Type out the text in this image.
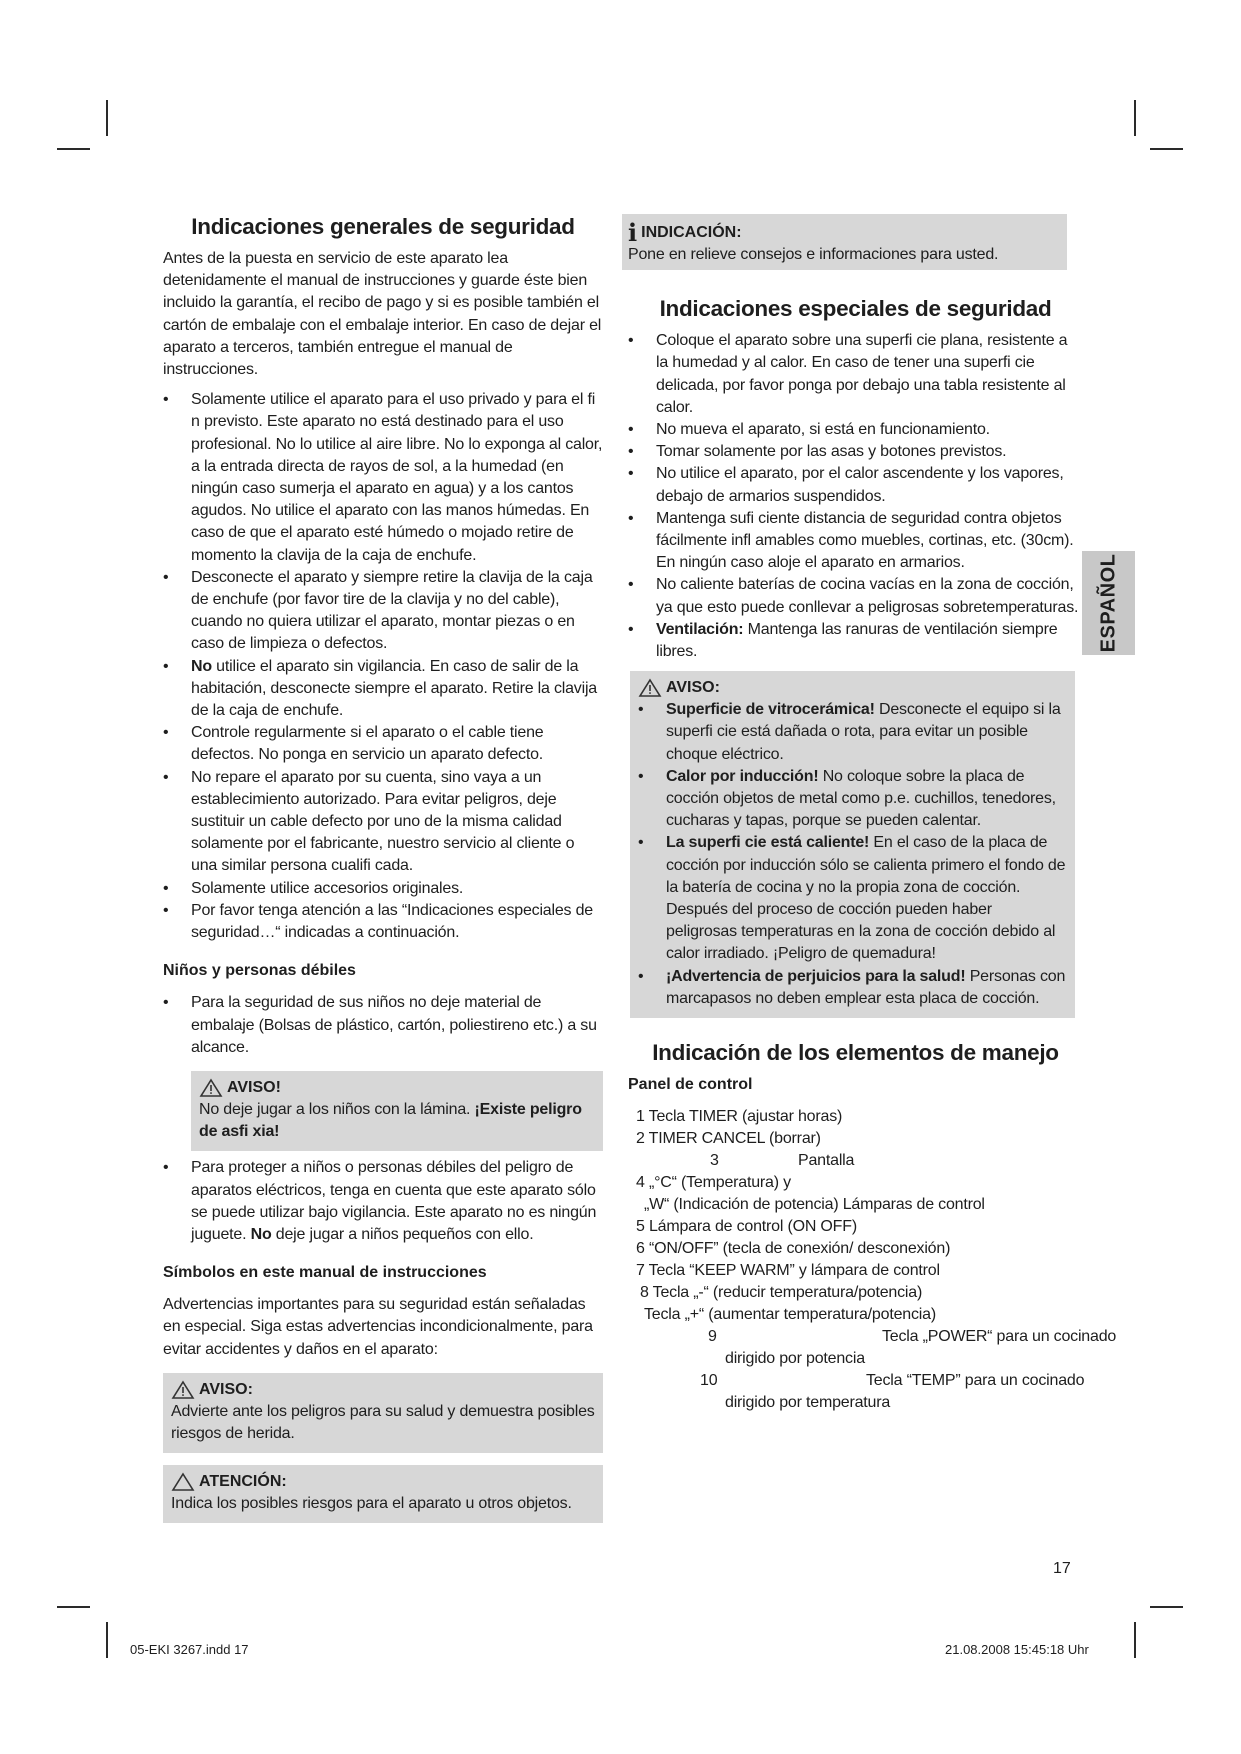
Indicaciones generales de seguridad

Antes de la puesta en servicio de este aparato lea detenidamente el manual de instrucciones y guarde éste bien incluido la garantía, el recibo de pago y si es posible también el cartón de embalaje con el embalaje interior. En caso de dejar el aparato a terceros, también entregue el manual de instrucciones.

• Solamente utilice el aparato para el uso privado y para el fi n previsto. Este aparato no está destinado para el uso profesional. No lo utilice al aire libre. No lo exponga al calor, a la entrada directa de rayos de sol, a la humedad (en ningún caso sumerja el aparato en agua) y a los cantos agudos. No utilice el aparato con las manos húmedas. En caso de que el aparato esté húmedo o mojado retire de momento la clavija de la caja de enchufe.
• Desconecte el aparato y siempre retire la clavija de la caja de enchufe (por favor tire de la clavija y no del cable), cuando no quiera utilizar el aparato, montar piezas o en caso de limpieza o defectos.
• No utilice el aparato sin vigilancia. En caso de salir de la habitación, desconecte siempre el aparato. Retire la clavija de la caja de enchufe.
• Controle regularmente si el aparato o el cable tiene defectos. No ponga en servicio un aparato defecto.
• No repare el aparato por su cuenta, sino vaya a un establecimiento autorizado. Para evitar peligros, deje sustituir un cable defecto por uno de la misma calidad solamente por el fabricante, nuestro servicio al cliente o una similar persona cualifi cada.
• Solamente utilice accesorios originales.
• Por favor tenga atención a las “Indicaciones especiales de seguridad…“ indicadas a continuación.
Niños y personas débiles
• Para la seguridad de sus niños no deje material de embalaje (Bolsas de plástico, cartón, poliestireno etc.) a su alcance.
AVISO!

No deje jugar a los niños con la lámina. ¡Existe peligro de asfi xia!

• Para proteger a niños o personas débiles del peligro de aparatos eléctricos, tenga en cuenta que este aparato sólo se puede utilizar bajo vigilancia. Este aparato no es ningún juguete. No deje jugar a niños pequeños con ello.
Símbolos en este manual de instrucciones

Advertencias importantes para su seguridad están señaladas en especial. Siga estas advertencias incondicionalmente, para evitar accidentes y daños en el aparato:

AVISO:

Advierte ante los peligros para su salud y demuestra posibles riesgos de herida.

ATENCIÓN:

Indica los posibles riesgos para el aparato u otros objetos.

i INDICACIÓN:

Pone en relieve consejos e informaciones para usted.

Indicaciones especiales de seguridad
• Coloque el aparato sobre una superfi cie plana, resistente a la humedad y al calor. En caso de tener una superfi cie delicada, por favor ponga por debajo una tabla resistente al calor.
• No mueva el aparato, si está en funcionamiento.
• Tomar solamente por las asas y botones previstos.
• No utilice el aparato, por el calor ascendente y los vapores, debajo de armarios suspendidos.
• Mantenga sufi ciente distancia de seguridad contra objetos fácilmente infl amables como muebles, cortinas, etc. (30cm). En ningún caso aloje el aparato en armarios.
• No caliente baterías de cocina vacías en la zona de cocción, ya que esto puede conllevar a peligrosas sobretemperaturas.
• Ventilación: Mantenga las ranuras de ventilación siempre libres.
AVISO:
• Superficie de vitrocerámica! Desconecte el equipo si la superfi cie está dañada o rota, para evitar un posible choque eléctrico.
• Calor por inducción! No coloque sobre la placa de cocción objetos de metal como p.e. cuchillos, tenedores, cucharas y tapas, porque se pueden calentar.
• La superfi cie está caliente! En el caso de la placa de cocción por inducción sólo se calienta primero el fondo de la batería de cocina y no la propia zona de cocción. Después del proceso de cocción pueden haber peligrosas temperaturas en la zona de cocción debido al calor irradiado. ¡Peligro de quemadura!
• ¡Advertencia de perjuicios para la salud! Personas con marcapasos no deben emplear esta placa de cocción.
Indicación de los elementos de manejo
Panel de control
1 Tecla TIMER (ajustar horas)
2 TIMER CANCEL (borrar)
3	Pantalla
4 „°C“ (Temperatura) y
„W“ (Indicación de potencia) Lámparas de control
5 Lámpara de control (ON OFF)
6 “ON/OFF” (tecla de conexión/ desconexión)
7 Tecla “KEEP WARM” y lámpara de control
8 Tecla „-“ (reducir temperatura/potencia)
Tecla „+“ (aumentar temperatura/potencia)
9	Tecla „POWER“ para un cocinado
dirigido por potencia
10	Tecla “TEMP” para un cocinado
dirigido por temperatura
ESPAÑOL
17
05-EKI 3267.indd 17	21.08.2008 15:45:18 Uhr
